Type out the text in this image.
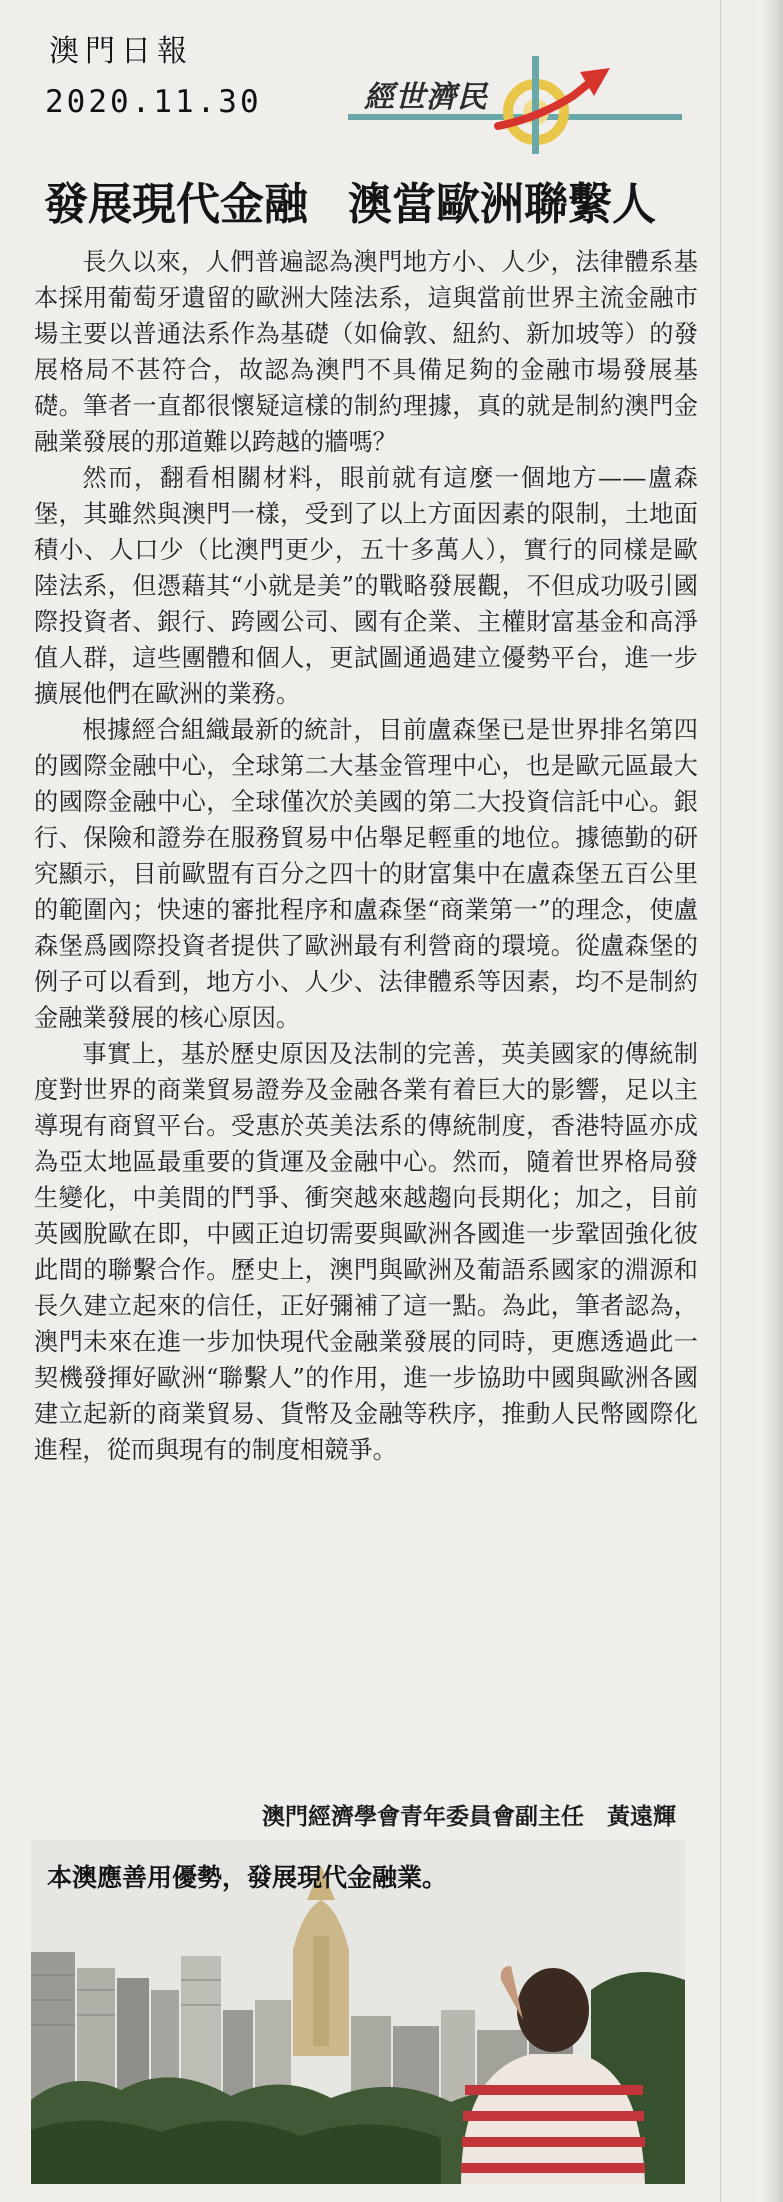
澳門日報
2020.11.30	經世濟民
發展現代金融 澳當歐洲聯繫人

長久以來，人們普遍認為澳門地方小、人少，法律體系基本採用葡萄牙遺留的歐洲大陸法系，這與當前世界主流金融市場主要以普通法系作為基礎（如倫敦、紐約、新加坡等）的發展格局不甚符合，故認為澳門不具備足夠的金融市場發展基礎。筆者一直都很懷疑這樣的制約理據，真的就是制約澳門金融業發展的那道難以跨越的牆嗎？

然而，翻看相關材料，眼前就有這麼一個地方——盧森堡，其雖然與澳門一樣，受到了以上方面因素的限制，土地面積小、人口少（比澳門更少，五十多萬人），實行的同樣是歐陸法系，但憑藉其“小就是美”的戰略發展觀，不但成功吸引國際投資者、銀行、跨國公司、國有企業、主權財富基金和高淨值人群，這些團體和個人，更試圖通過建立優勢平台，進一步擴展他們在歐洲的業務。

根據經合組織最新的統計，目前盧森堡已是世界排名第四的國際金融中心，全球第二大基金管理中心，也是歐元區最大的國際金融中心，全球僅次於美國的第二大投資信託中心。銀行、保險和證券在服務貿易中佔舉足輕重的地位。據德勤的研究顯示，目前歐盟有百分之四十的財富集中在盧森堡五百公里的範圍內；快速的審批程序和盧森堡“商業第一”的理念，使盧森堡爲國際投資者提供了歐洲最有利營商的環境。從盧森堡的例子可以看到，地方小、人少、法律體系等因素，均不是制約金融業發展的核心原因。

事實上，基於歷史原因及法制的完善，英美國家的傳統制度對世界的商業貿易證券及金融各業有着巨大的影響，足以主導現有商貿平台。受惠於英美法系的傳統制度，香港特區亦成為亞太地區最重要的貨運及金融中心。然而，隨着世界格局發生變化，中美間的鬥爭、衝突越來越趨向長期化；加之，目前英國脫歐在即，中國正迫切需要與歐洲各國進一步鞏固強化彼此間的聯繫合作。歷史上，澳門與歐洲及葡語系國家的淵源和長久建立起來的信任，正好彌補了這一點。為此，筆者認為，澳門未來在進一步加快現代金融業發展的同時，更應透過此一契機發揮好歐洲“聯繫人”的作用，進一步協助中國與歐洲各國建立起新的商業貿易、貨幣及金融等秩序，推動人民幣國際化進程，從而與現有的制度相競爭。

澳門經濟學會青年委員會副主任　黃遠輝
本澳應善用優勢，發展現代金融業。
